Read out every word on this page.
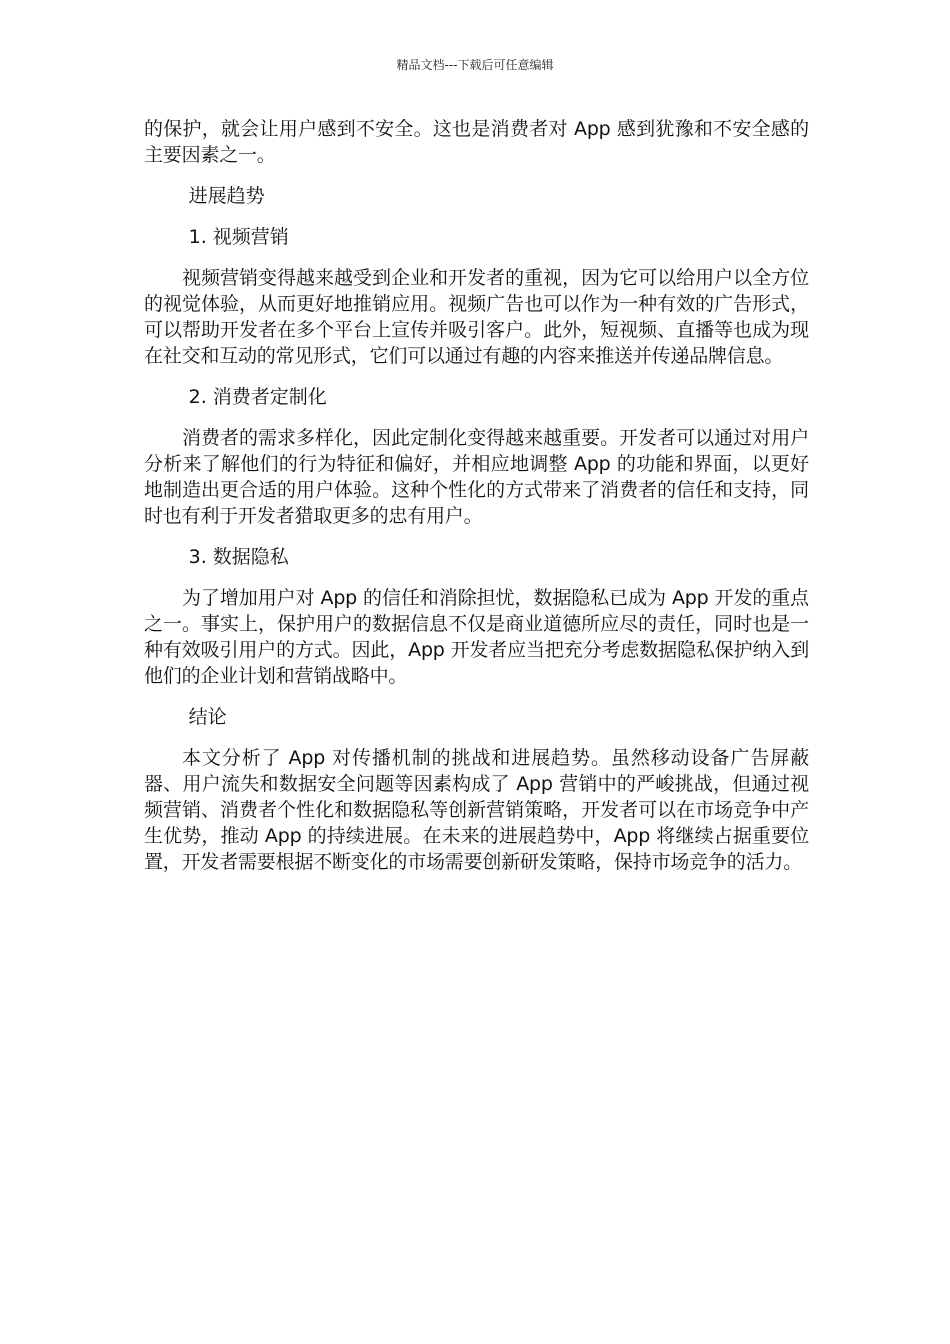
精品文档---下载后可任意编辑

的保护，就会让用户感到不安全。这也是消费者对 App 感到犹豫和不安全感的主要因素之一。

进展趋势

1. 视频营销

视频营销变得越来越受到企业和开发者的重视，因为它可以给用户以全方位的视觉体验，从而更好地推销应用。视频广告也可以作为一种有效的广告形式，可以帮助开发者在多个平台上宣传并吸引客户。此外，短视频、直播等也成为现在社交和互动的常见形式，它们可以通过有趣的内容来推送并传递品牌信息。

2. 消费者定制化

消费者的需求多样化，因此定制化变得越来越重要。开发者可以通过对用户分析来了解他们的行为特征和偏好，并相应地调整 App 的功能和界面，以更好地制造出更合适的用户体验。这种个性化的方式带来了消费者的信任和支持，同时也有利于开发者猎取更多的忠有用户。

3. 数据隐私

为了增加用户对 App 的信任和消除担忧，数据隐私已成为 App 开发的重点之一。事实上，保护用户的数据信息不仅是商业道德所应尽的责任，同时也是一种有效吸引用户的方式。因此，App 开发者应当把充分考虑数据隐私保护纳入到他们的企业计划和营销战略中。

结论

本文分析了 App 对传播机制的挑战和进展趋势。虽然移动设备广告屏蔽器、用户流失和数据安全问题等因素构成了 App 营销中的严峻挑战，但通过视频营销、消费者个性化和数据隐私等创新营销策略，开发者可以在市场竞争中产生优势，推动 App 的持续进展。在未来的进展趋势中，App 将继续占据重要位置，开发者需要根据不断变化的市场需要创新研发策略，保持市场竞争的活力。
